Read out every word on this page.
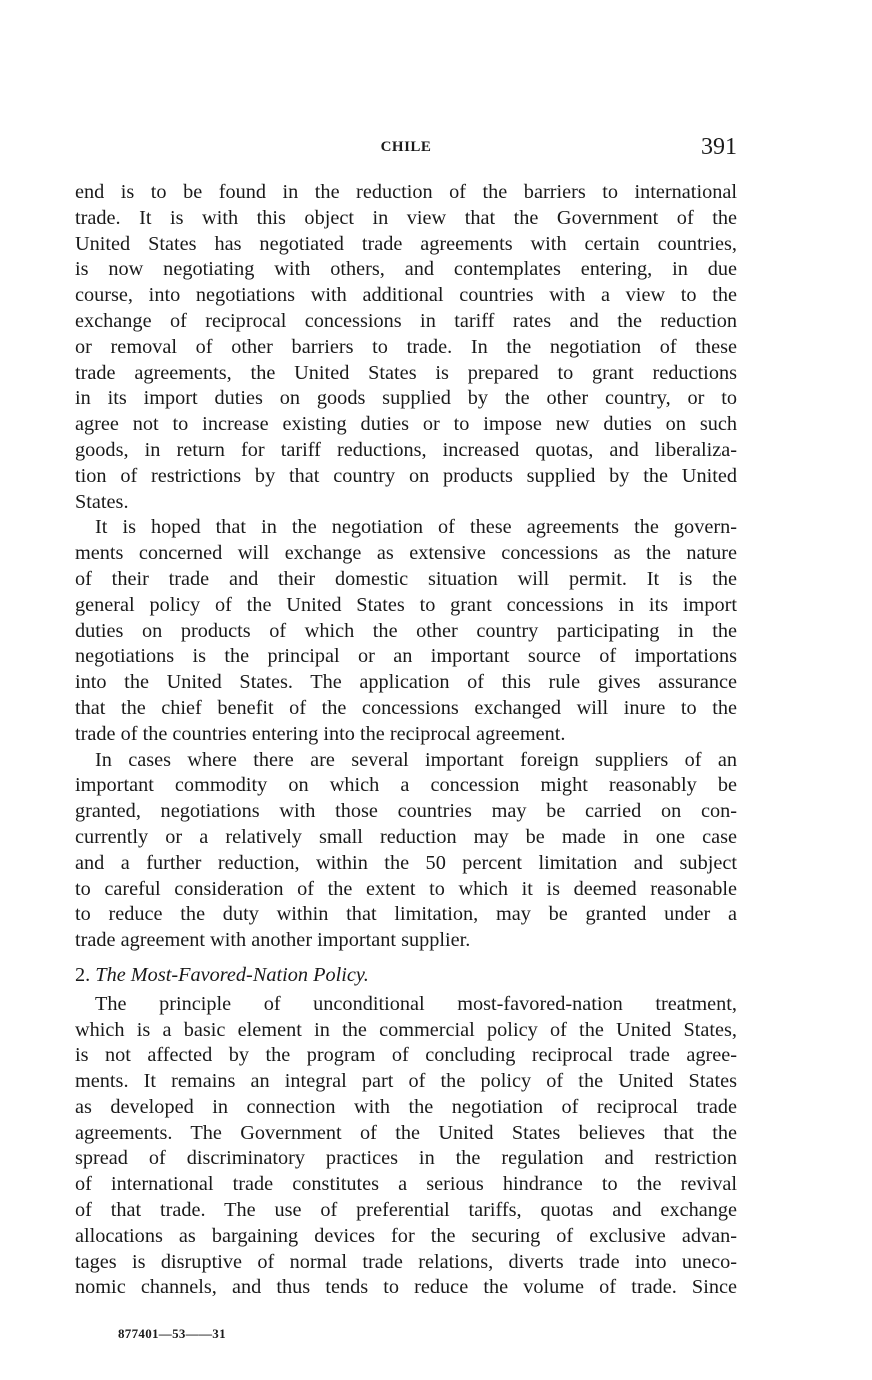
CHILE	391
end is to be found in the reduction of the barriers to international
trade. It is with this object in view that the Government of the
United States has negotiated trade agreements with certain countries,
is now negotiating with others, and contemplates entering, in due
course, into negotiations with additional countries with a view to the
exchange of reciprocal concessions in tariff rates and the reduction
or removal of other barriers to trade. In the negotiation of these
trade agreements, the United States is prepared to grant reductions
in its import duties on goods supplied by the other country, or to
agree not to increase existing duties or to impose new duties on such
goods, in return for tariff reductions, increased quotas, and liberaliza-
tion of restrictions by that country on products supplied by the United
States.
It is hoped that in the negotiation of these agreements the govern-
ments concerned will exchange as extensive concessions as the nature
of their trade and their domestic situation will permit. It is the
general policy of the United States to grant concessions in its import
duties on products of which the other country participating in the
negotiations is the principal or an important source of importations
into the United States. The application of this rule gives assurance
that the chief benefit of the concessions exchanged will inure to the
trade of the countries entering into the reciprocal agreement.
In cases where there are several important foreign suppliers of an
important commodity on which a concession might reasonably be
granted, negotiations with those countries may be carried on con-
currently or a relatively small reduction may be made in one case
and a further reduction, within the 50 percent limitation and subject
to careful consideration of the extent to which it is deemed reasonable
to reduce the duty within that limitation, may be granted under a
trade agreement with another important supplier.
2. The Most-Favored-Nation Policy.
The principle of unconditional most-favored-nation treatment,
which is a basic element in the commercial policy of the United States,
is not affected by the program of concluding reciprocal trade agree-
ments. It remains an integral part of the policy of the United States
as developed in connection with the negotiation of reciprocal trade
agreements. The Government of the United States believes that the
spread of discriminatory practices in the regulation and restriction
of international trade constitutes a serious hindrance to the revival
of that trade. The use of preferential tariffs, quotas and exchange
allocations as bargaining devices for the securing of exclusive advan-
tages is disruptive of normal trade relations, diverts trade into uneco-
nomic channels, and thus tends to reduce the volume of trade. Since
877401—53——31
